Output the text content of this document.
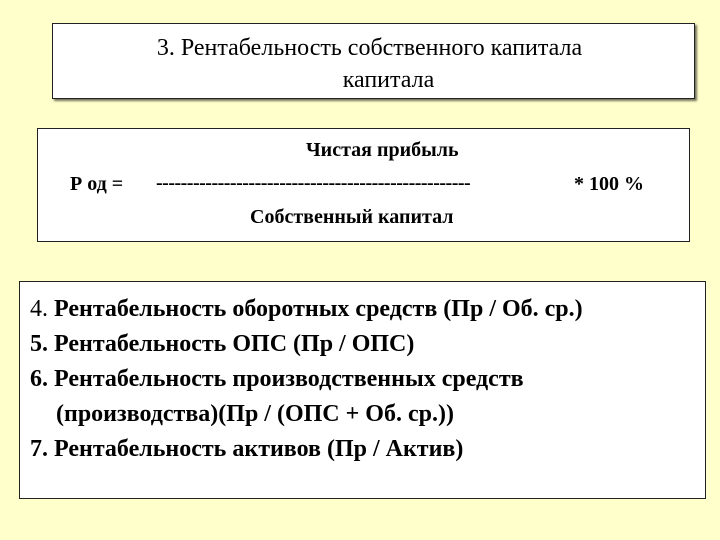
3. Рентабельность собственного капитала
капитала
Чистая прибыль
Р од = ---------------------------------------------------	* 100 %
Собственный капитал
4. Рентабельность оборотных средств (Пр / Об. ср.)
5. Рентабельность ОПС (Пр / ОПС)
6. Рентабельность производственных средств
(производства)(Пр / (ОПС + Об. ср.))
7. Рентабельность активов (Пр / Актив)
